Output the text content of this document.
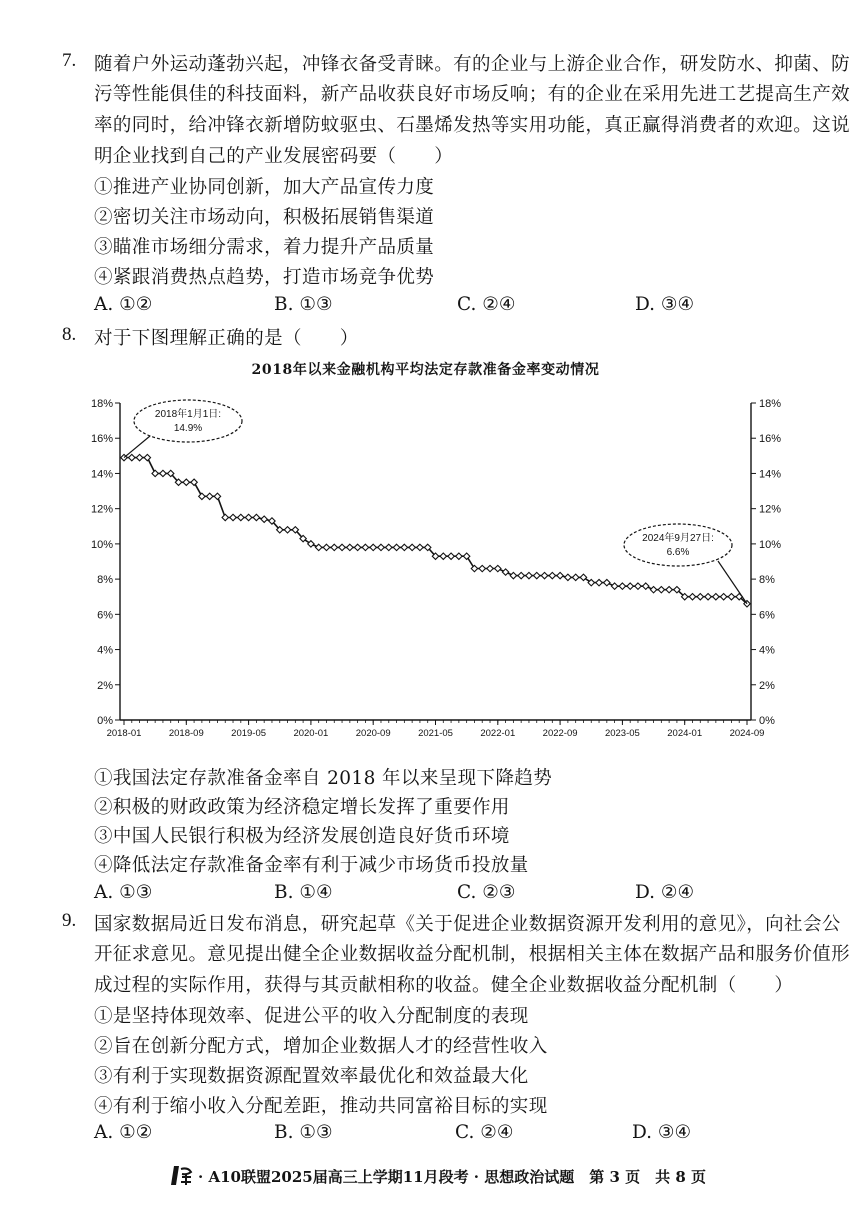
7. 随着户外运动蓬勃兴起，冲锋衣备受青睐。有的企业与上游企业合作，研发防水、抑菌、防
污等性能俱佳的科技面料，新产品收获良好市场反响；有的企业在采用先进工艺提高生产效
率的同时，给冲锋衣新增防蚊驱虫、石墨烯发热等实用功能，真正赢得消费者的欢迎。这说
明企业找到自己的产业发展密码要（　　）
①推进产业协同创新，加大产品宣传力度
②密切关注市场动向，积极拓展销售渠道
③瞄准市场细分需求，着力提升产品质量
④紧跟消费热点趋势，打造市场竞争优势
A. ①②	B. ①③	C. ②④	D. ③④
8. 对于下图理解正确的是（　　）
2018年以来金融机构平均法定存款准备金率变动情况
0%	0%
2%	2%
4%	4%
6%	6%
8%	8%
10%	10%
12%	12%
14%	14%
16%	16%
18%	18%
2018-01	2018-09	2019-05	2020-01	2020-09	2021-05	2022-01	2022-09	2023-05	2024-01	2024-09
2018年1月1日:
14.9%
2024年9月27日:
6.6%
①我国法定存款准备金率自 2018 年以来呈现下降趋势
②积极的财政政策为经济稳定增长发挥了重要作用
③中国人民银行积极为经济发展创造良好货币环境
④降低法定存款准备金率有利于减少市场货币投放量
A. ①③	B. ①④	C. ②③	D. ②④
9. 国家数据局近日发布消息，研究起草《关于促进企业数据资源开发利用的意见》，向社会公
开征求意见。意见提出健全企业数据收益分配机制，根据相关主体在数据产品和服务价值形
成过程的实际作用，获得与其贡献相称的收益。健全企业数据收益分配机制（　　）
①是坚持体现效率、促进公平的收入分配制度的表现
②旨在创新分配方式，增加企业数据人才的经营性收入
③有利于实现数据资源配置效率最优化和效益最大化
④有利于缩小收入分配差距，推动共同富裕目标的实现
A. ①②	B. ①③	C. ②④	D. ③④
· A10联盟2025届高三上学期11月段考 · 思想政治试题　第 3 页　共 8 页
